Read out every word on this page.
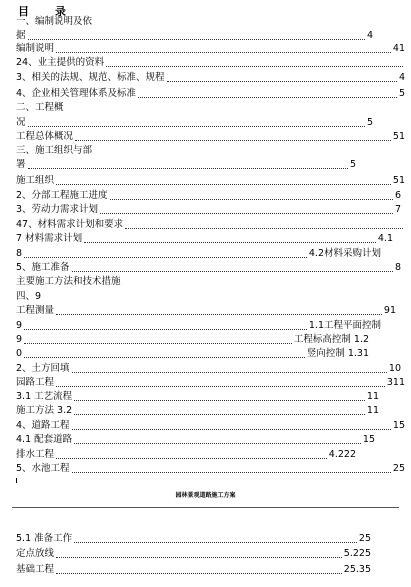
目 录
一、编制说明及依
据	4
编制说明	41
24、业主提供的资料
3、相关的法规、规范、标准、规程	4
4、企业相关管理体系及标准	5
二、工程概
况	5
工程总体概况	51
三、施工组织与部
署	5
施工组织	51
2、分部工程施工进度	6
3、劳动力需求计划	7
47、材料需求计划和要求
7 材料需求计划	4.1
8	4.2材料采购计划
5、施工准备	8
主要施工方法和技术措施
四、9
工程测量	91
9	1.1工程平面控制
9	工程标高控制 1.2
0	竖向控制 1.31
2、土方回填	10
园路工程	311
3.1 工艺流程	11
施工方法 3.2	11
4、道路工程	15
4.1 配套道路	15
排水工程	4.222
5、水池工程	25
园林景观道路施工方案
5.1 准备工作	25
定点放线	5.225
基础工程	25.35
